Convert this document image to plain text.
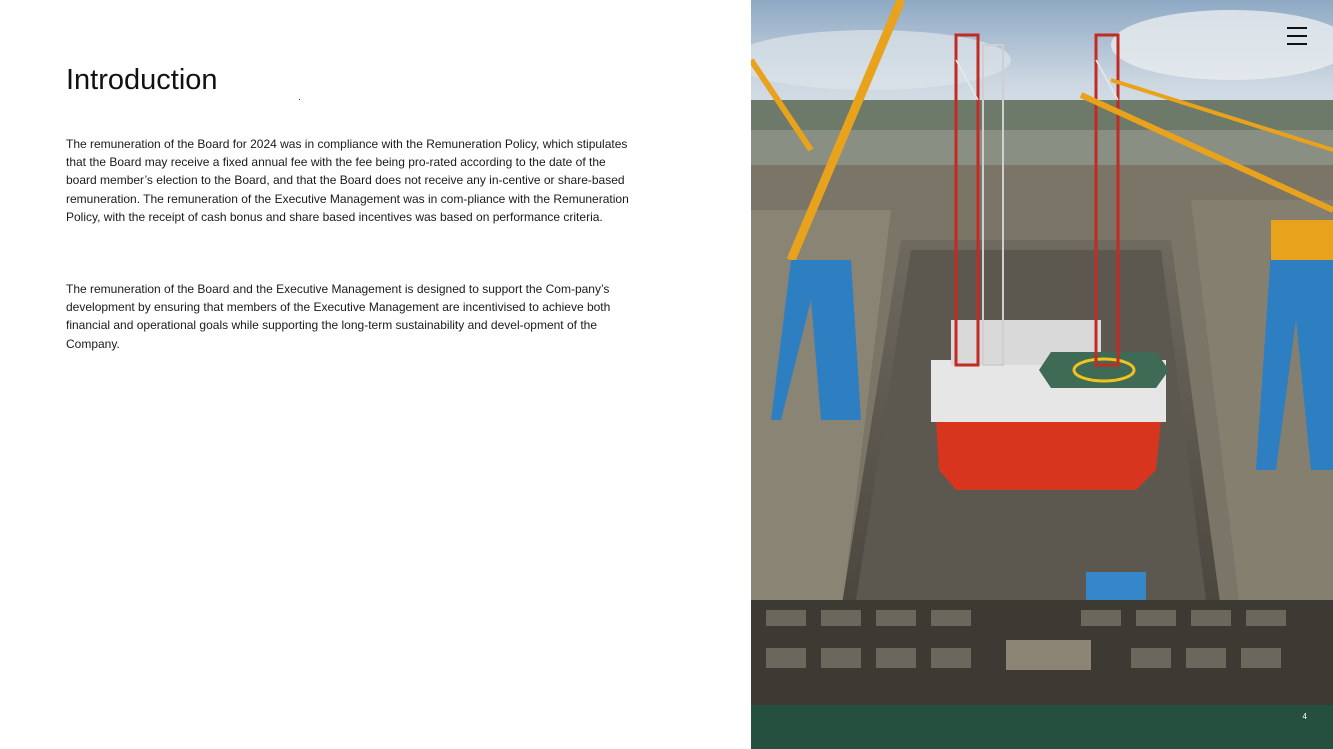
Introduction

The remuneration of the Board for 2024 was in compliance with the Remuneration Policy, which stipulates that the Board may receive a fixed annual fee with the fee being pro-rated according to the date of the board member’s election to the Board, and that the Board does not receive any in-centive or share-based remuneration. The remuneration of the Executive Management was in com-pliance with the Remuneration Policy, with the receipt of cash bonus and share based incentives was based on performance criteria.

The remuneration of the Board and the Executive Management is designed to support the Com-pany’s development by ensuring that members of the Executive Management are incentivised to achieve both financial and operational goals while supporting the long-term sustainability and devel-opment of the Company.

4
